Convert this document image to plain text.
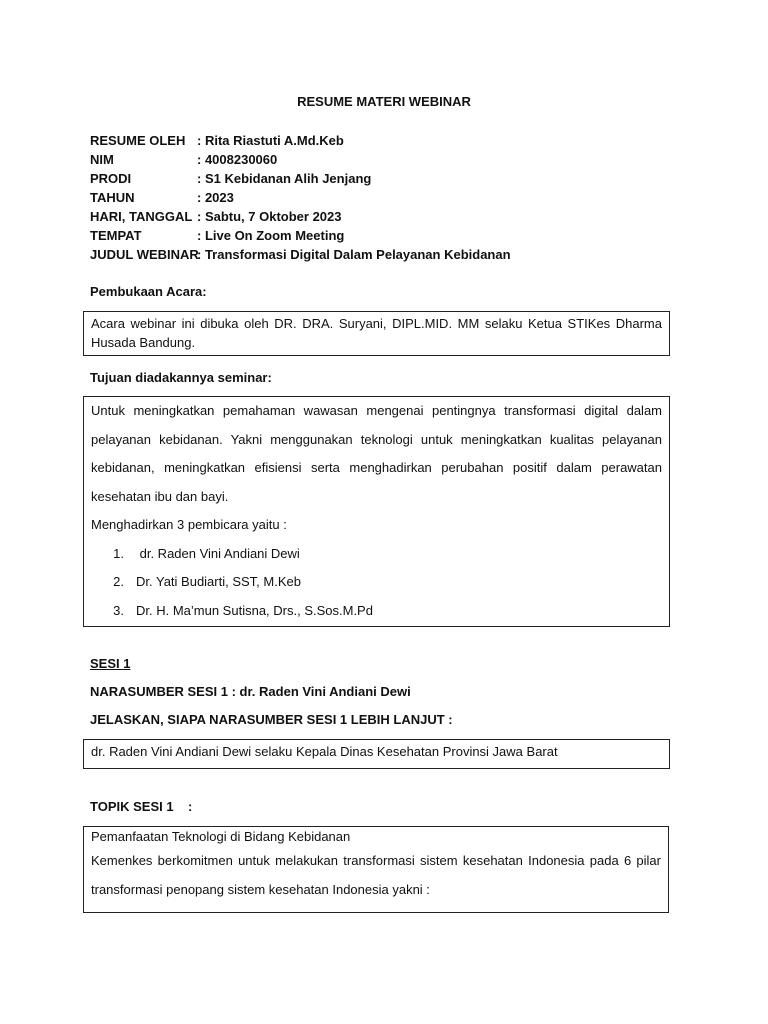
RESUME MATERI WEBINAR
RESUME OLEH : Rita Riastuti A.Md.Keb
NIM	: 4008230060
PRODI	: S1 Kebidanan Alih Jenjang
TAHUN	: 2023
HARI, TANGGAL : Sabtu, 7 Oktober 2023
TEMPAT	: Live On Zoom Meeting
JUDUL WEBINAR
: Transformasi Digital Dalam Pelayanan Kebidanan
Pembukaan Acara:

Acara webinar ini dibuka oleh DR. DRA. Suryani, DIPL.MID. MM selaku Ketua STIKes Dharma Husada Bandung.

Tujuan diadakannya seminar:

Untuk meningkatkan pemahaman wawasan mengenai pentingnya transformasi digital dalam pelayanan kebidanan. Yakni menggunakan teknologi untuk meningkatkan kualitas pelayanan kebidanan, meningkatkan efisiensi serta menghadirkan perubahan positif dalam perawatan kesehatan ibu dan bayi.

Menghadirkan 3 pembicara yaitu :

1. dr. Raden Vini Andiani Dewi
2. Dr. Yati Budiarti, SST, M.Keb
3. Dr. H. Ma’mun Sutisna, Drs., S.Sos.M.Pd
SESI 1
NARASUMBER SESI 1 : dr. Raden Vini Andiani Dewi
JELASKAN, SIAPA NARASUMBER SESI 1 LEBIH LANJUT :

dr. Raden Vini Andiani Dewi selaku Kepala Dinas Kesehatan Provinsi Jawa Barat

TOPIK SESI 1    :

Pemanfaatan Teknologi di Bidang Kebidanan

Kemenkes berkomitmen untuk melakukan transformasi sistem kesehatan Indonesia pada 6 pilar transformasi penopang sistem kesehatan Indonesia yakni :
